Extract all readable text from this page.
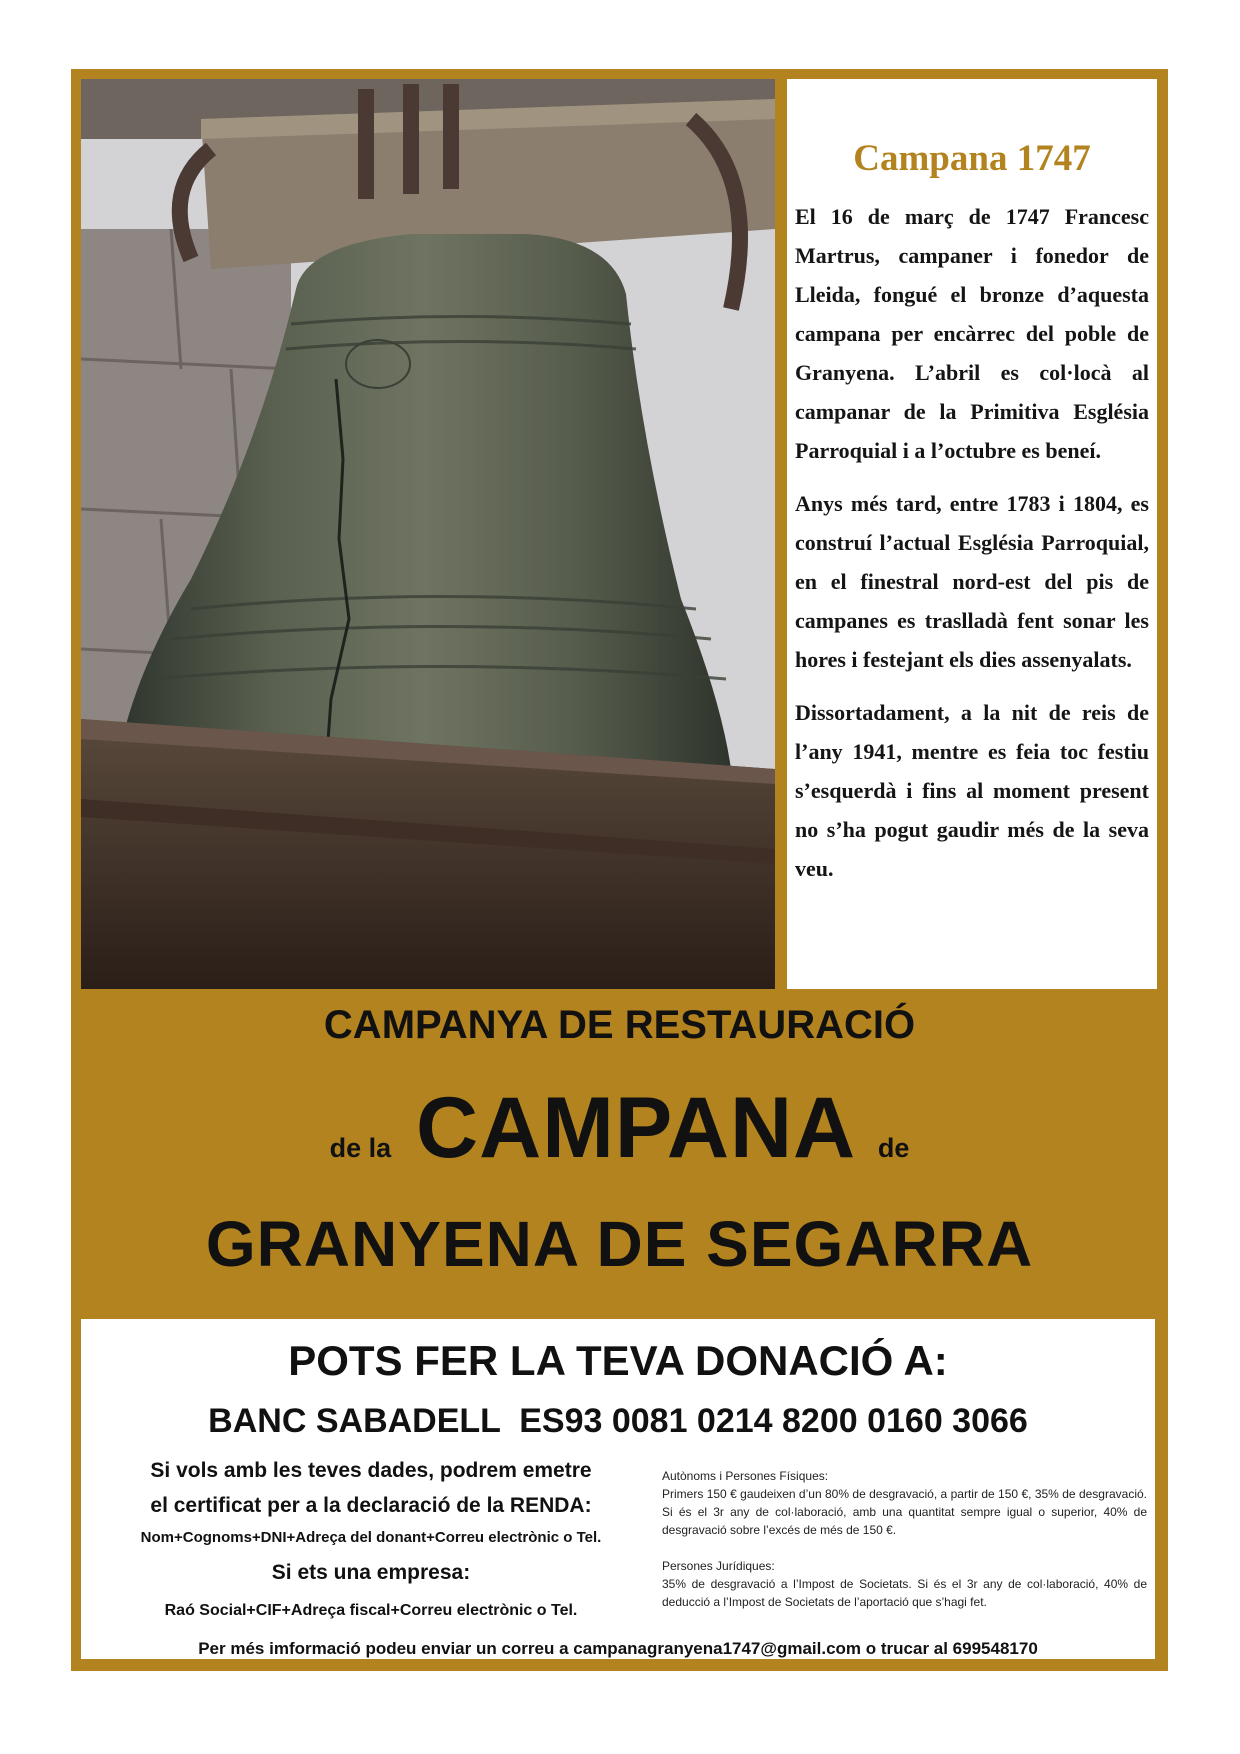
Campana 1747

El 16 de març de 1747 Francesc Martrus, campaner i fonedor de Lleida, fongué el bronze d’aquesta campana per encàrrec del poble de Granyena. L’abril es col·locà al campanar de la Primitiva Església Parroquial i a l’octubre es beneí.

Anys més tard, entre 1783 i 1804, es construí l’actual Església Parroquial, en el finestral nord-est del pis de campanes es traslladà fent sonar les hores i festejant els dies assenyalats.

Dissortadament, a la nit de reis de l’any 1941, mentre es feia toc festiu s’esquerdà i fins al moment present no s’ha pogut gaudir més de la seva veu.

CAMPANYA DE RESTAURACIÓ
de la CAMPANA de
GRANYENA DE SEGARRA
POTS FER LA TEVA DONACIÓ A:
BANC SABADELL  ES93 0081 0214 8200 0160 3066
Si vols amb les teves dades, podrem emetre
el certificat per a la declaració de la RENDA:
Nom+Cognoms+DNI+Adreça del donant+Correu electrònic o Tel.
Si ets una empresa:
Raó Social+CIF+Adreça fiscal+Correu electrònic o Tel.

Autònoms i Persones Físiques:

Primers 150 € gaudeixen d’un 80% de desgravació, a partir de 150 €, 35% de desgravació. Si és el 3r any de col·laboració, amb una quantitat sempre igual o superior, 40% de desgravació sobre l’excés de més de 150 €.

Persones Jurídiques:

35% de desgravació a l’Impost de Societats. Si és el 3r any de col·laboració, 40% de deducció a l’Impost de Societats de l’aportació que s’hagi fet.

Per més imformació podeu enviar un correu a campanagranyena1747@gmail.com o trucar al 699548170
